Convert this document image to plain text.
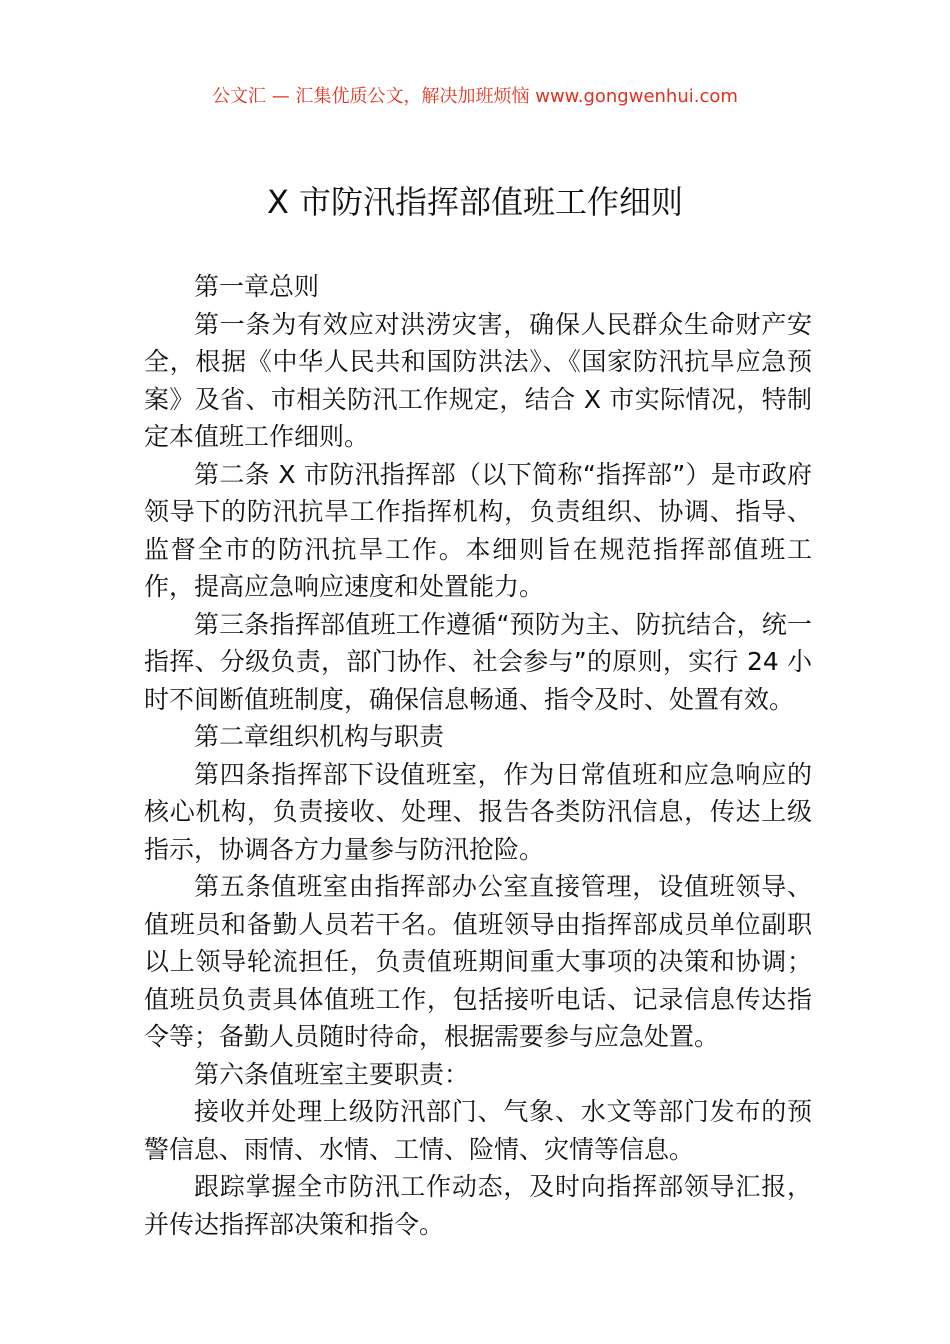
公文汇 — 汇集优质公文，解决加班烦恼 www.gongwenhui.com
X 市防汛指挥部值班工作细则

第一章总则

第一条为有效应对洪涝灾害，确保人民群众生命财产安全，根据《中华人民共和国防洪法》、《国家防汛抗旱应急预案》及省、市相关防汛工作规定，结合 X 市实际情况，特制定本值班工作细则。

第二条 X 市防汛指挥部（以下简称“指挥部”）是市政府领导下的防汛抗旱工作指挥机构，负责组织、协调、指导、监督全市的防汛抗旱工作。本细则旨在规范指挥部值班工作，提高应急响应速度和处置能力。

第三条指挥部值班工作遵循“预防为主、防抗结合，统一指挥、分级负责，部门协作、社会参与”的原则，实行 24 小时不间断值班制度，确保信息畅通、指令及时、处置有效。

第二章组织机构与职责

第四条指挥部下设值班室，作为日常值班和应急响应的核心机构，负责接收、处理、报告各类防汛信息，传达上级指示，协调各方力量参与防汛抢险。

第五条值班室由指挥部办公室直接管理，设值班领导、值班员和备勤人员若干名。值班领导由指挥部成员单位副职以上领导轮流担任，负责值班期间重大事项的决策和协调；值班员负责具体值班工作，包括接听电话、记录信息传达指令等；备勤人员随时待命，根据需要参与应急处置。

第六条值班室主要职责：

接收并处理上级防汛部门、气象、水文等部门发布的预警信息、雨情、水情、工情、险情、灾情等信息。

跟踪掌握全市防汛工作动态，及时向指挥部领导汇报，并传达指挥部决策和指令。
